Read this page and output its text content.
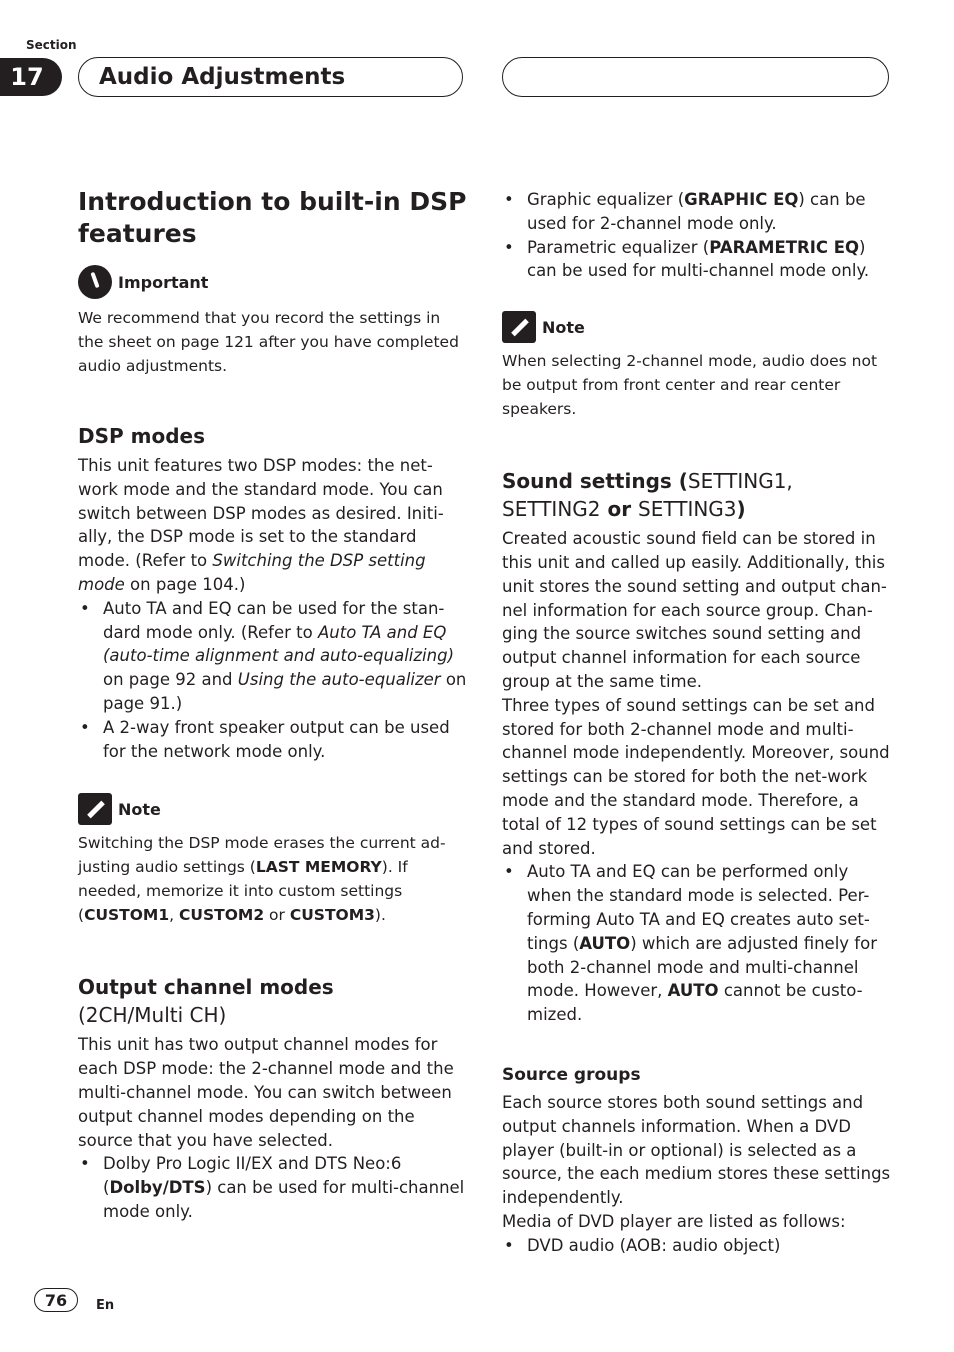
Section
17	Audio Adjustments
Introduction to built-in DSP features
Important

We recommend that you record the settings in the sheet on page 121 after you have completed audio adjustments.

DSP modes

This unit features two DSP modes: the net-work mode and the standard mode. You can switch between DSP modes as desired. Initi-ally, the DSP mode is set to the standard mode. (Refer to Switching the DSP setting mode on page 104.)

• Auto TA and EQ can be used for the stan-dard mode only. (Refer to Auto TA and EQ (auto-time alignment and auto-equalizing) on page 92 and Using the auto-equalizer on page 91.)
• A 2-way front speaker output can be used for the network mode only.
Note

Switching the DSP mode erases the current ad-justing audio settings (LAST MEMORY). If needed, memorize it into custom settings (CUSTOM1, CUSTOM2 or CUSTOM3).

Output channel modes
(2CH/Multi CH)

This unit has two output channel modes for each DSP mode: the 2-channel mode and the multi-channel mode. You can switch between output channel modes depending on the source that you have selected.

• Dolby Pro Logic II/EX and DTS Neo:6 (Dolby/DTS) can be used for multi-channel mode only.
• Graphic equalizer (GRAPHIC EQ) can be used for 2-channel mode only.
• Parametric equalizer (PARAMETRIC EQ) can be used for multi-channel mode only.
Note

When selecting 2-channel mode, audio does not be output from front center and rear center speakers.

Sound settings (SETTING1, SETTING2 or SETTING3)

Created acoustic sound field can be stored in this unit and called up easily. Additionally, this unit stores the sound setting and output chan-nel information for each source group. Chan-ging the source switches sound setting and output channel information for each source group at the same time.

Three types of sound settings can be set and stored for both 2-channel mode and multi-channel mode independently. Moreover, sound settings can be stored for both the net-work mode and the standard mode. Therefore, a total of 12 types of sound settings can be set and stored.

• Auto TA and EQ can be performed only when the standard mode is selected. Per-forming Auto TA and EQ creates auto set-tings (AUTO) which are adjusted finely for both 2-channel mode and multi-channel mode. However, AUTO cannot be custo-mized.
Source groups

Each source stores both sound settings and output channels information. When a DVD player (built-in or optional) is selected as a source, the each medium stores these settings independently.

Media of DVD player are listed as follows:

• DVD audio (AOB: audio object)
76	En
